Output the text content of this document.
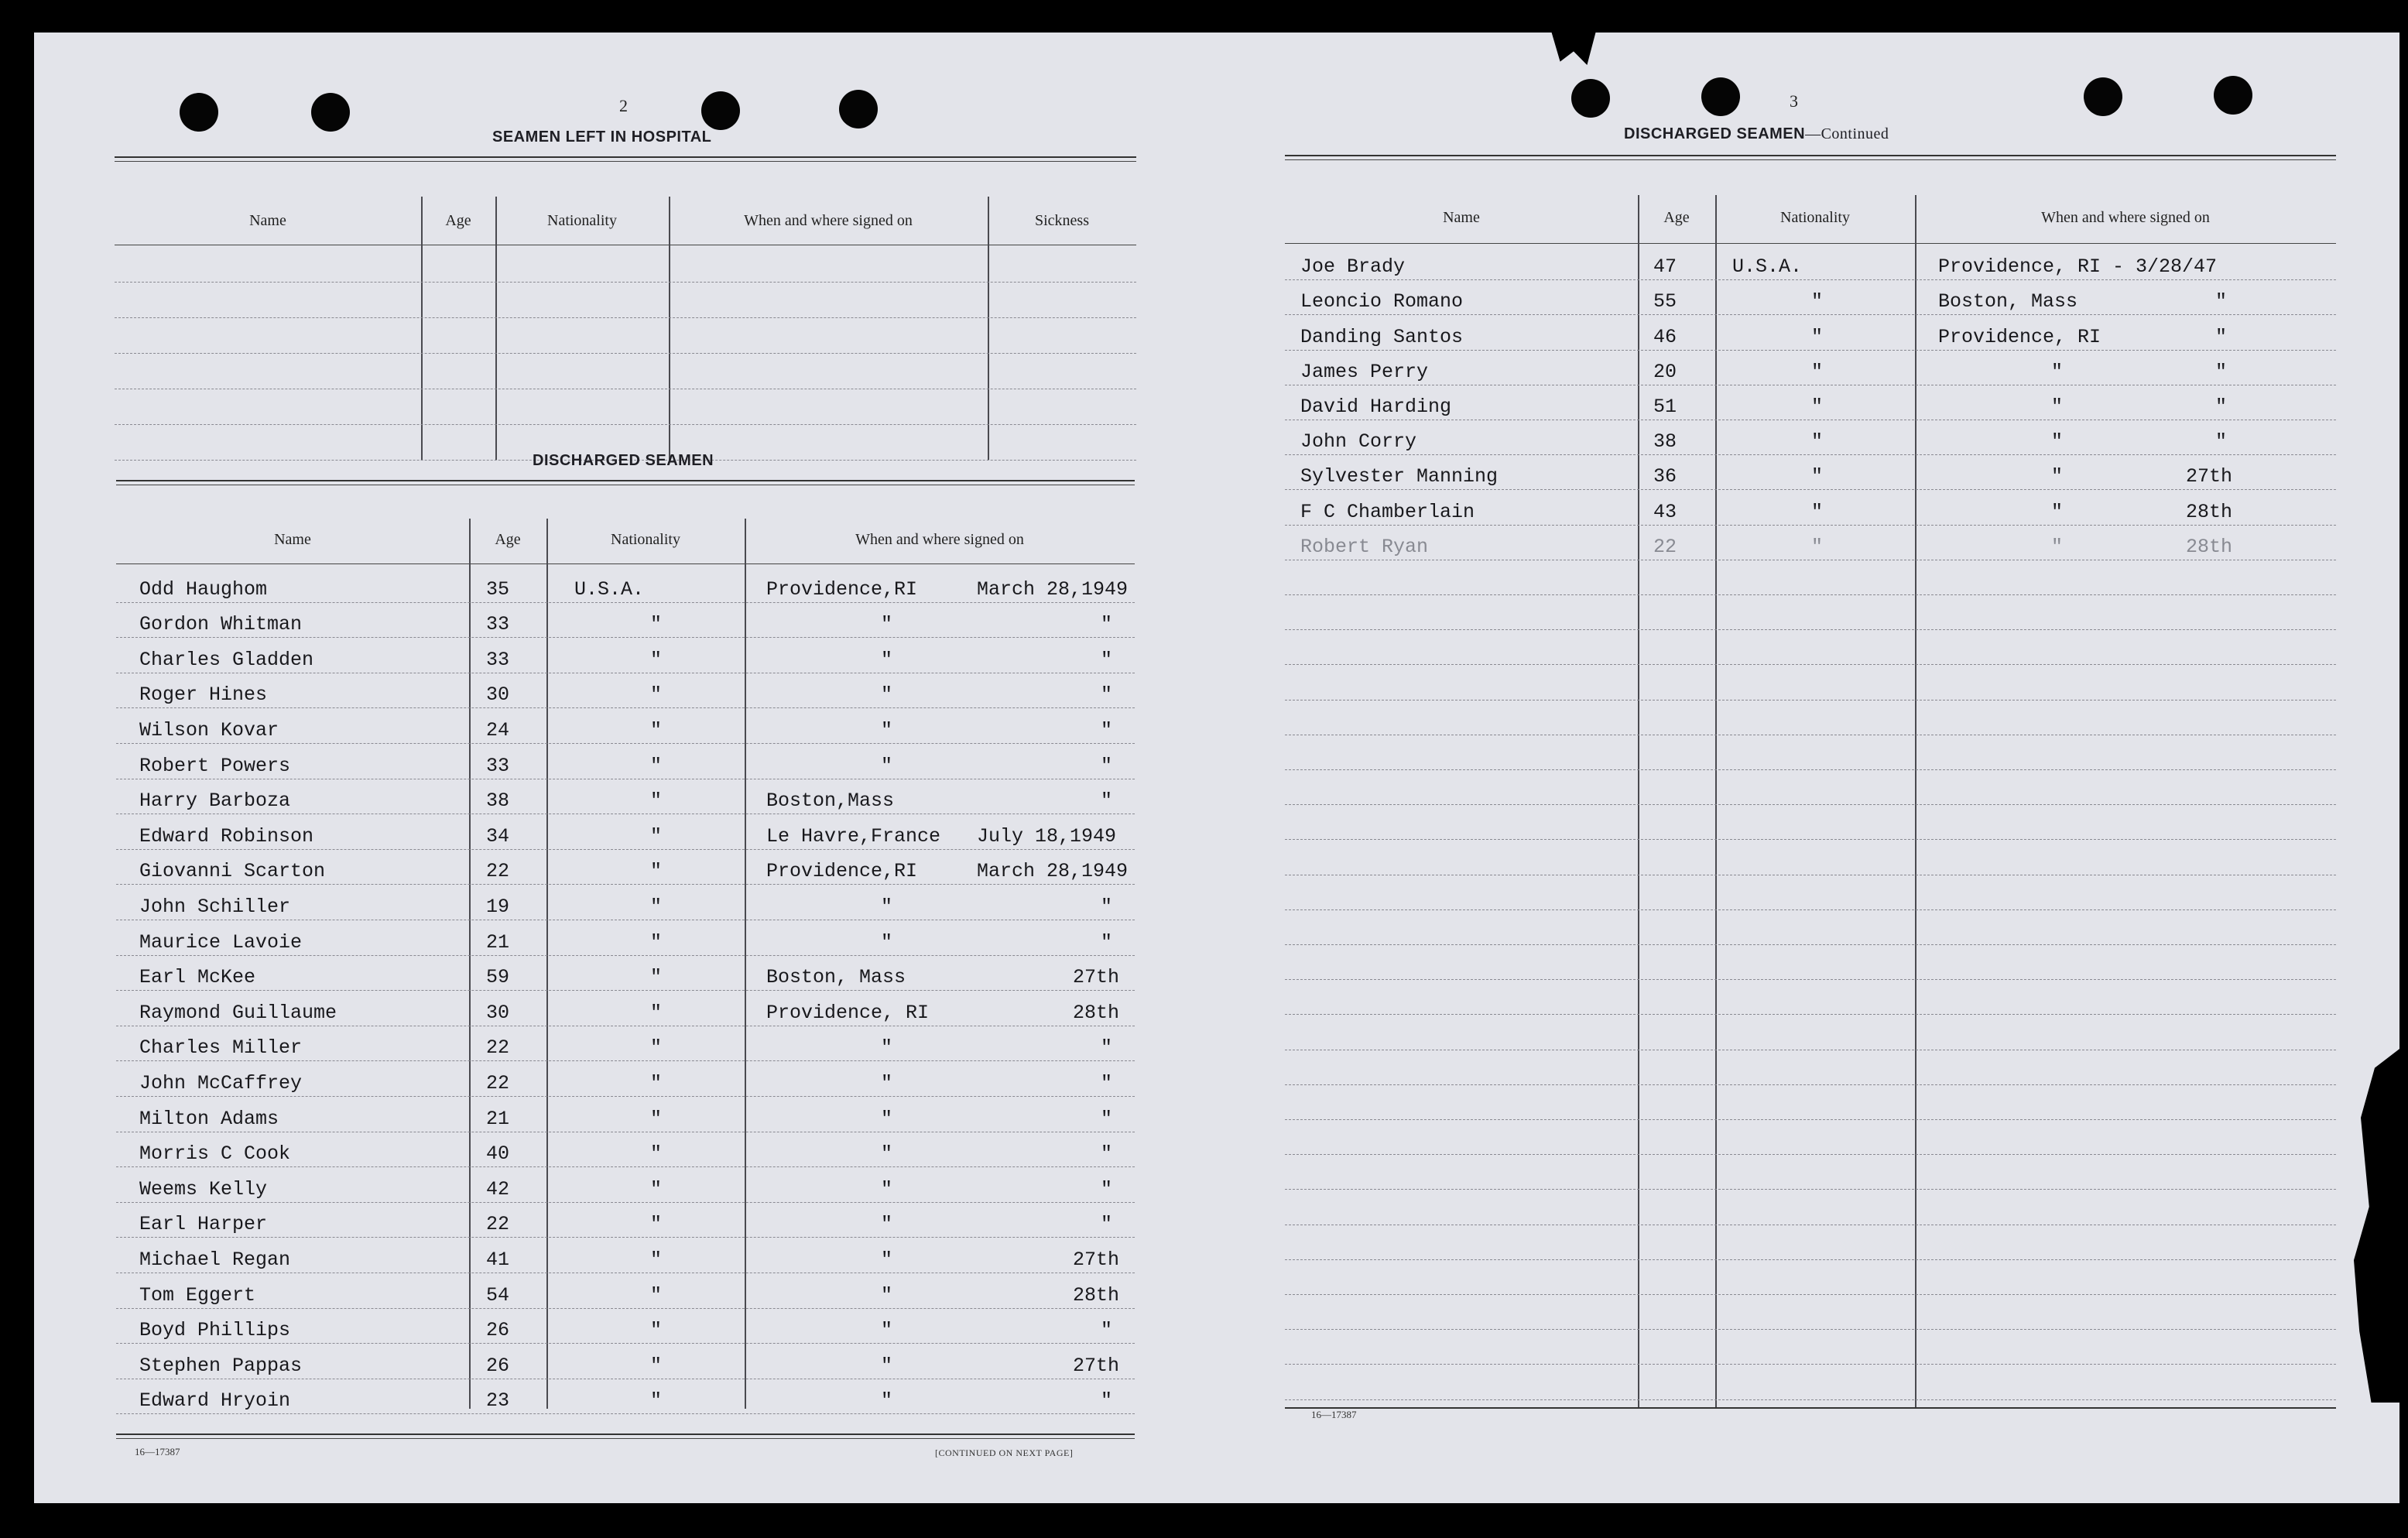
2
SEAMEN LEFT IN HOSPITAL
Name	Age	Nationality	When and where signed on	Sickness
DISCHARGED SEAMEN
Name	Age	Nationality	When and where signed on
Odd Haughom	35	U.S.A.	Providence,RI	March 28,1949
Gordon Whitman	33	"	"	"
Charles Gladden	33	"	"	"
Roger Hines	30	"	"	"
Wilson Kovar	24	"	"	"
Robert Powers	33	"	"	"
Harry Barboza	38	"	Boston,Mass	"
Edward Robinson	34	"	Le Havre,France July 18,1949
Giovanni Scarton	22	"	Providence,RI	March 28,1949
John Schiller	19	"	"	"
Maurice Lavoie	21	"	"	"
Earl McKee	59	"	Boston, Mass	27th
Raymond Guillaume	30	"	Providence, RI	28th
Charles Miller	22	"	"	"
John McCaffrey	22	"	"	"
Milton Adams	21	"	"	"
Morris C Cook	40	"	"	"
Weems Kelly	42	"	"	"
Earl Harper	22	"	"	"
Michael Regan	41	"	"	27th
Tom Eggert	54	"	"	28th
Boyd Phillips	26	"	"	"
Stephen Pappas	26	"	"	27th
Edward Hryoin	23	"	"	"
16—17387	[CONTINUED ON NEXT PAGE]
3
DISCHARGED SEAMEN—Continued
Name	Age	Nationality	When and where signed on
Joe Brady	47	U.S.A.	Providence, RI - 3/28/47
Leoncio Romano	55	"	Boston, Mass	"
Danding Santos	46	"	Providence, RI	"
James Perry	20	"	"	"
David Harding	51	"	"	"
John Corry	38	"	"	"
Sylvester Manning	36	"	"	27th
F C Chamberlain	43	"	"	28th
Robert Ryan	22	"	"	28th
16—17387
